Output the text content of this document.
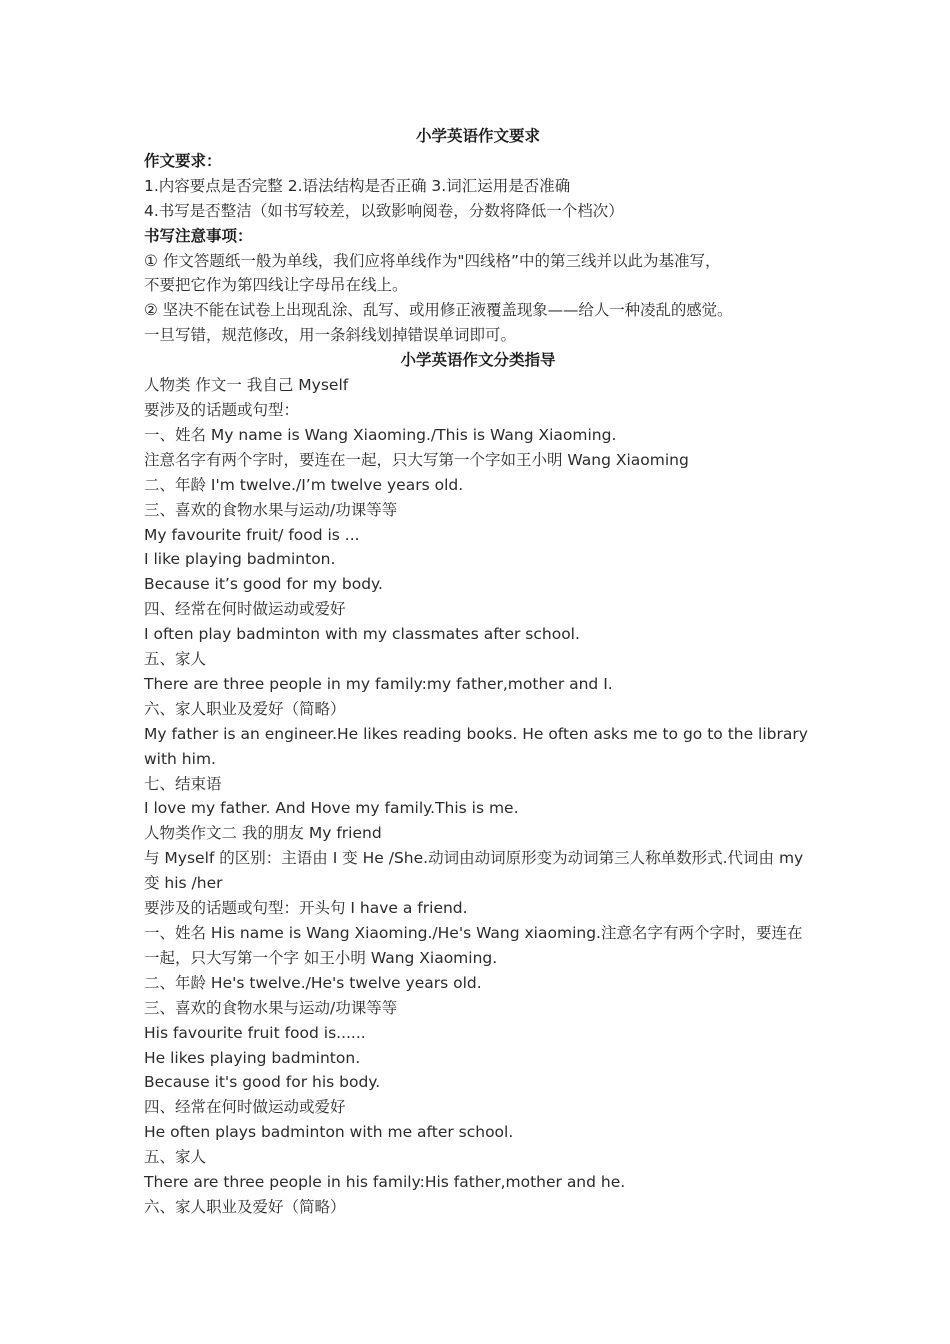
小学英语作文要求
作文要求：
1.内容要点是否完整 2.语法结构是否正确 3.词汇运用是否准确
4.书写是否整洁（如书写较差，以致影响阅卷，分数将降低一个档次）
书写注意事项：
① 作文答题纸一般为单线，我们应将单线作为"四线格”中的第三线并以此为基准写，
不要把它作为第四线让字母吊在线上。
② 坚决不能在试卷上出现乱涂、乱写、或用修正液覆盖现象——给人一种凌乱的感觉。
一旦写错，规范修改，用一条斜线划掉错误单词即可。
小学英语作文分类指导
人物类 作文一 我自己 Myself
要涉及的话题或句型：
一、姓名 My name is Wang Xiaoming./This is Wang Xiaoming.
注意名字有两个字时，要连在一起，只大写第一个字如王小明 Wang Xiaoming
二、年龄 I'm twelve./I’m twelve years old.
三、喜欢的食物水果与运动/功课等等
My favourite fruit/ food is ...
I like playing badminton.
Because it’s good for my body.
四、经常在何时做运动或爱好
I often play badminton with my classmates after school.
五、家人
There are three people in my family:my father,mother and I.
六、家人职业及爱好（简略）
My father is an engineer.He likes reading books. He often asks me to go to the library with him.
七、结束语
I love my father. And Hove my family.This is me.
人物类作文二 我的朋友 My friend
与 Myself 的区别：主语由 I 变 He /She.动词由动词原形变为动词第三人称单数形式.代词由 my 变 his /her
要涉及的话题或句型：开头句 I have a friend.
一、姓名 His name is Wang Xiaoming./He's Wang xiaoming.注意名字有两个字时，要连在一起，只大写第一个字 如王小明 Wang Xiaoming.
二、年龄 He's twelve./He's twelve years old.
三、喜欢的食物水果与运动/功课等等
His favourite fruit food is......
He likes playing badminton.
Because it's good for his body.
四、经常在何时做运动或爱好
He often plays badminton with me after school.
五、家人
There are three people in his family:His father,mother and he.
六、家人职业及爱好（简略）
